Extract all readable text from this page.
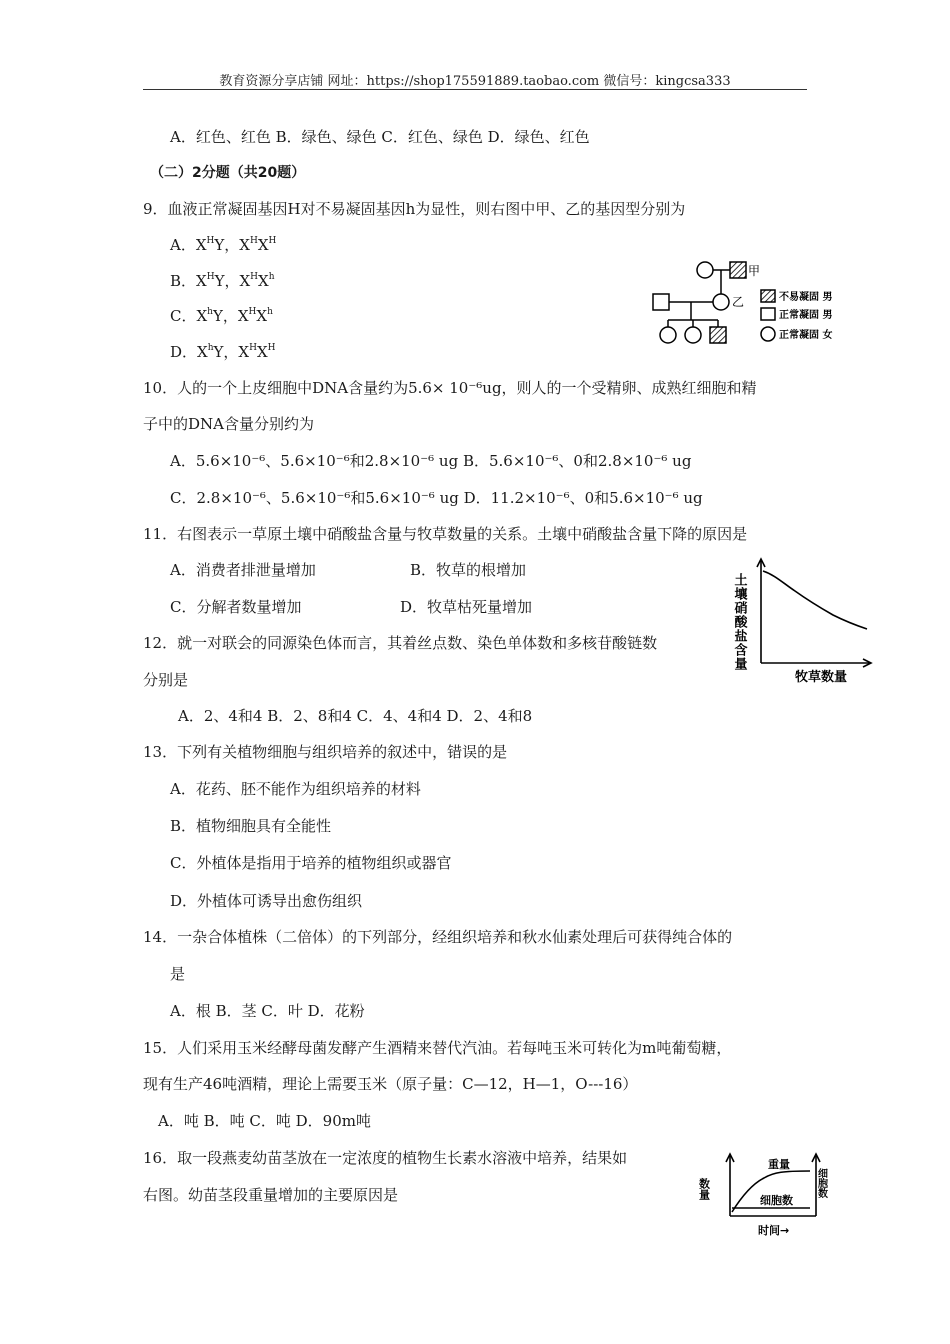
教育资源分享店铺 网址：https://shop175591889.taobao.com 微信号：kingcsa333
A．红色、红色 B．绿色、绿色 C．红色、绿色 D．绿色、红色
（二）2分题（共20题）
9．血液正常凝固基因H对不易凝固基因h为显性，则右图中甲、乙的基因型分别为
A．$X^HY$，$X^HX^H$
B．$X^HY$，$X^HX^h$
C．$X^hY$，$X^HX^h$
D．$X^hY$，$X^HX^H$
甲
乙	不易凝固 男
正常凝固 男
正常凝固 女
10．人的一个上皮细胞中DNA含量约为5.6× 10⁻⁶ug，则人的一个受精卵、成熟红细胞和精
子中的DNA含量分别约为
A．5.6×10⁻⁶、5.6×10⁻⁶和2.8×10⁻⁶ ug B．5.6×10⁻⁶、0和2.8×10⁻⁶ ug
C．2.8×10⁻⁶、5.6×10⁻⁶和5.6×10⁻⁶ ug D．11.2×10⁻⁶、0和5.6×10⁻⁶ ug
11．右图表示一草原土壤中硝酸盐含量与牧草数量的关系。土壤中硝酸盐含量下降的原因是
A．消费者排泄量增加	B．牧草的根增加
C．分解者数量增加	D．牧草枯死量增加	土壤硝酸盐含量
牧草数量
12．就一对联会的同源染色体而言，其着丝点数、染色单体数和多核苷酸链数
分别是
A．2、4和4 B．2、8和4 C．4、4和4 D．2、4和8
13．下列有关植物细胞与组织培养的叙述中，错误的是
A．花药、胚不能作为组织培养的材料
B．植物细胞具有全能性
C．外植体是指用于培养的植物组织或器官
D．外植体可诱导出愈伤组织
14．一杂合体植株（二倍体）的下列部分，经组织培养和秋水仙素处理后可获得纯合体的
是
A．根 B．茎 C．叶 D．花粉
15．人们采用玉米经酵母菌发酵产生酒精来替代汽油。若每吨玉米可转化为m吨葡萄糖，
现有生产46吨酒精，理论上需要玉米（原子量：C—12，H—1，O---16）
A．吨 B．吨 C．吨 D．90m吨
16．取一段燕麦幼苗茎放在一定浓度的植物生长素水溶液中培养，结果如
右图。幼苗茎段重量增加的主要原因是	数量	细胞数
重量
细胞数
时间→
